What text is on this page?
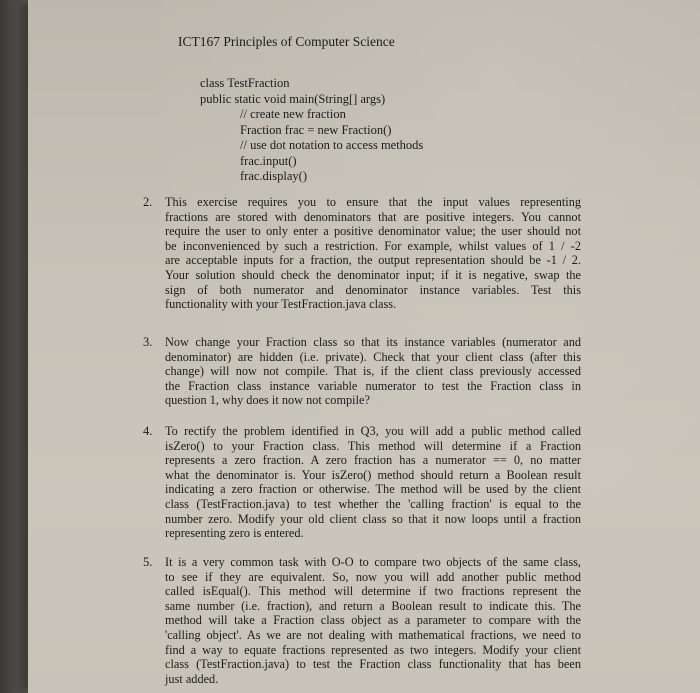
ICT167 Principles of Computer Science
class TestFraction
public static void main(String[] args)
// create new fraction
Fraction frac = new Fraction()
// use dot notation to access methods
frac.input()
frac.display()
2.	This exercise requires you to ensure that the input values representing
fractions are stored with denominators that are positive integers. You cannot
require the user to only enter a positive denominator value; the user should not
be inconvenienced by such a restriction. For example, whilst values of 1 / -2
are acceptable inputs for a fraction, the output representation should be -1 / 2.
Your solution should check the denominator input; if it is negative, swap the
sign of both numerator and denominator instance variables. Test this
functionality with your TestFraction.java class.
3.	Now change your Fraction class so that its instance variables (numerator and
denominator) are hidden (i.e. private). Check that your client class (after this
change) will now not compile. That is, if the client class previously accessed
the Fraction class instance variable numerator to test the Fraction class in
question 1, why does it now not compile?
4.	To rectify the problem identified in Q3, you will add a public method called
isZero() to your Fraction class. This method will determine if a Fraction
represents a zero fraction. A zero fraction has a numerator == 0, no matter
what the denominator is. Your isZero() method should return a Boolean result
indicating a zero fraction or otherwise. The method will be used by the client
class (TestFraction.java) to test whether the 'calling fraction' is equal to the
number zero. Modify your old client class so that it now loops until a fraction
representing zero is entered.
5.	It is a very common task with O-O to compare two objects of the same class,
to see if they are equivalent. So, now you will add another public method
called isEqual(). This method will determine if two fractions represent the
same number (i.e. fraction), and return a Boolean result to indicate this. The
method will take a Fraction class object as a parameter to compare with the
'calling object'. As we are not dealing with mathematical fractions, we need to
find a way to equate fractions represented as two integers. Modify your client
class (TestFraction.java) to test the Fraction class functionality that has been
just added.
